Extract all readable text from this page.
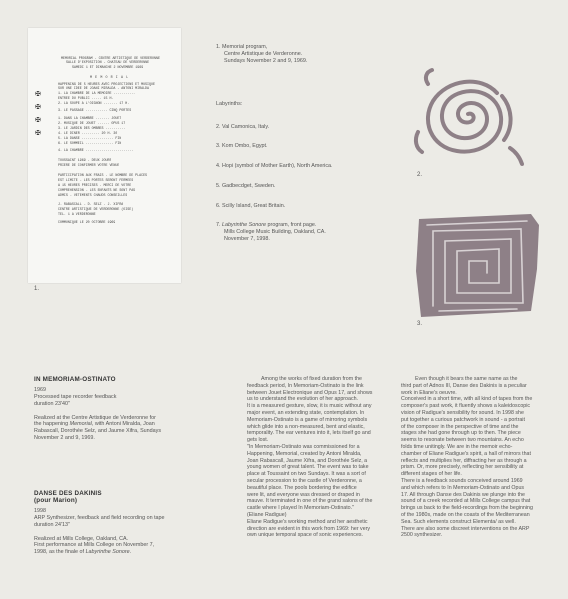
MEMORIAL PROGRAM - CENTRE ARTISTIQUE DE VERDERONNE
SALLE D'EXPOSITION - CHATEAU DE VERDERONNE
SAMEDI 1 ET DIMANCHE 2 NOVEMBRE 1969
M E M O R I A L
HAPPENING DE 5 HEURES AVEC PROJECTIONS ET MUSIQUE
SUR UNE IDEE DE JOANI MIRALDA - ANTONI MIRALDA
✠	1. LA CHAMBRE DE LA MEMOIRE ...........
ENTREE DU PUBLIC ..... 15 H.
2. LA SOUPE A L'OIGNON ....... 17 H.
✠	3. LE PASSAGE ........... CINQ PORTES
✠	1. DANS LA CHAMBRE ....... JOUET
2. MUSIQUE DE JOUET ...... OPUS 17
3. LE JARDIN DES OMBRES ..........
✠	4. LE DINER ......... 20 H. 30
5. LA DANSE ................ FIN
6. LE SOMMEIL .............. FIN
4. LA CHAMBRE ........................
TOUSSAINT 1969 - DEUX JOURS
PRIERE DE CONFIRMER VOTRE VENUE
PARTICIPATION AUX FRAIS - LE NOMBRE DE PLACES
EST LIMITE - LES PORTES SERONT FERMEES
A 15 HEURES PRECISES - MERCI DE VOTRE
COMPREHENSION - LES ENFANTS NE SONT PAS
ADMIS - VETEMENTS CHAUDS CONSEILLES
J. RABASCALL - D. SELZ - J. XIFRA
CENTRE ARTISTIQUE DE VERDERONNE (OISE)
TEL. 1 A VERDERONNE
COMMUNIQUE LE 20 OCTOBRE 1969
1.

1. Memorial program,

Centre Artistique de Verderonne.

Sundays November 2 and 9, 1969.

Labyrinths:

2. Val Camonica, Italy.

3. Kom Ombo, Egypt.

4. Hopi (symbol of Mother Earth), North America.

5. Gadbecdget, Sweden.

6. Scilly Island, Great Britain.

7. Labyrinthe Sonore program, front page.

Mills College Music Building, Oakland, CA.

November 7, 1998.

2.
3.
IN MEMORIAM-OSTINATO
1969
Processed tape recorder feedback
duration 23'40"
Realized at the Centre Artistique de Verderonne for
the happening Memorial, with Antoni Miralda, Joan
Rabascall, Dorothée Selz, and Jaume Xifra, Sundays
November 2 and 9, 1969.
DANSE DES DAKINIS
(pour Marion)
1998
ARP Synthesizer, feedback and field recording on tape
duration 24'13"
Realized at Mills College, Oakland, CA.
First performance at Mills College on November 7,
1998, as the finale of Labyrinthe Sonore.

Among the works of fixed duration from the

feedback period, In Memoriam-Ostinato is the link

between Jouet Electronique and Opus 17, and shows

us to understand the evolution of her approach.

It is a measured gesture, slow, it is music without any

major event, an extending state, contemplation. In

Memoriam-Ostinato is a game of mirroring symbols

which glide into a non-measured, bent and elastic,

temporality. The ear ventures into it, lets itself go and

gets lost.

"In Memoriam-Ostinato was commissioned for a

Happening, Memorial, created by Antoni Miralda,

Joan Rabascall, Jaume Xifra, and Dorothée Selz, a

young women of great talent. The event was to take

place at Toussaint on two Sundays. It was a sort of

secular procession to the castle of Verderonne, a

beautiful place. The pools bordering the edifice

were lit, and everyone was dressed or draped in

mauve. It terminated in one of the grand salons of the

castle where I played In Memoriam-Ostinato."

(Eliane Radigue)

Eliane Radigue's working method and her aesthetic

direction are evident in this work from 1969: her very

own unique temporal space of sonic experiences.

Even though it bears the same name as the

third part of Adnos III, Danse des Dakinis is a peculiar

work in Eliane's oeuvre.

Conceived in a short time, with all kind of tapes from the

composer's past work, it fluently shows a kaleidoscopic

vision of Radigue's sensibility for sound. In 1998 she

put together a curious patchwork in sound - a portrait

of the composer in the perspective of time and the

stages she had gone through up to then. The piece

seems to resonate between two mountains. An echo

folds time unitingly. We are in the memoir echo-

chamber of Eliane Radigue's spirit, a hall of mirrors that

reflects and multiplies her, diffracting her as through a

prism. Or, more precisely, reflecting her sensibility at

different stages of her life.

There is a feedback sounds conceived around 1969

and which refers to In Memoriam-Ostinato and Opus

17. All through Danse des Dakinis we plunge into the

sound of a creek recorded at Mills College campus that

brings us back to the field-recordings from the beginning

of the 1980s, made on the coasts of the Mediterranean

Sea. Such elements construct Elementa/ as well.

There are also some discreet interventions on the ARP

2500 synthesizer.
